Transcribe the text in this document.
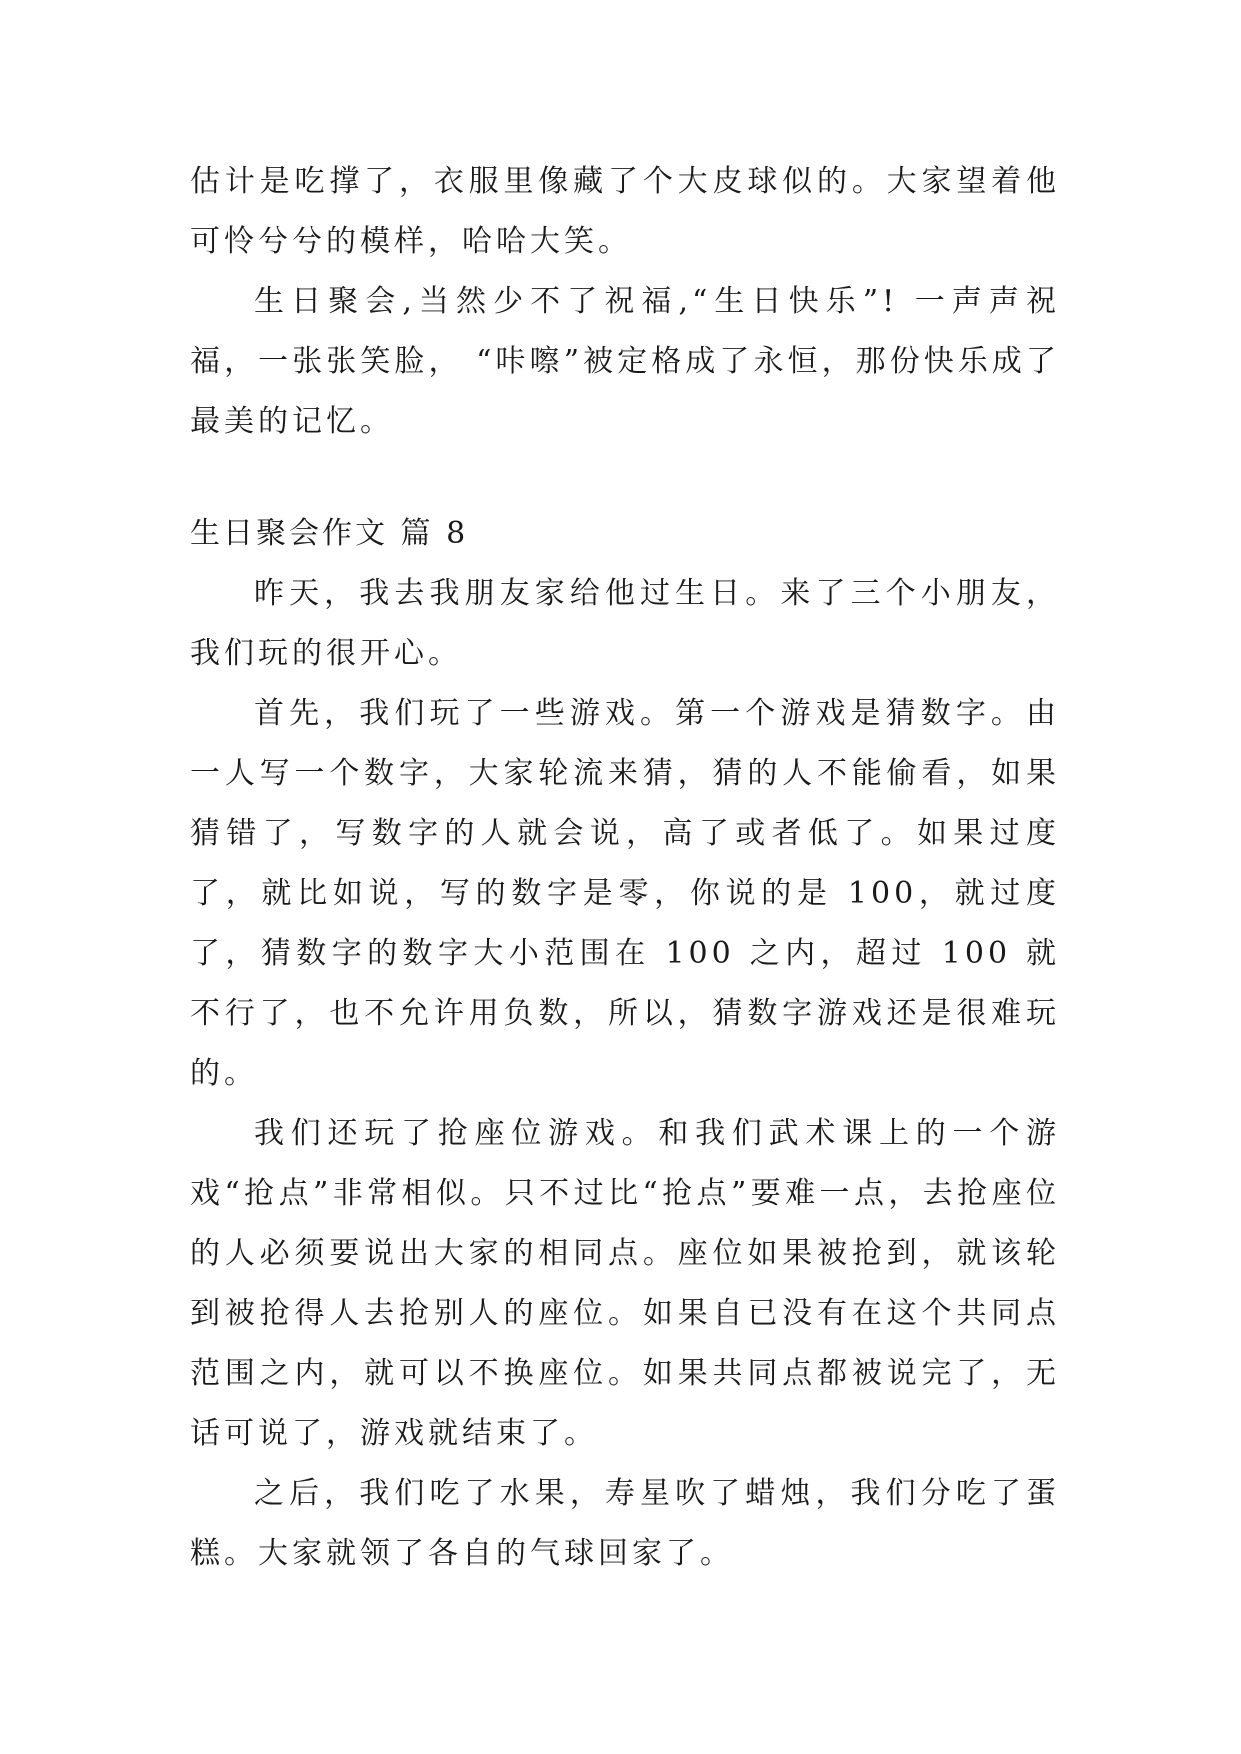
估计是吃撑了，衣服里像藏了个大皮球似的。大家望着他可怜兮兮的模样，哈哈大笑。

生日聚会,当然少不了祝福,“生日快乐”! 一声声祝福，一张张笑脸， “咔嚓”被定格成了永恒，那份快乐成了最美的记忆。

生日聚会作文 篇 8

昨天，我去我朋友家给他过生日。来了三个小朋友，我们玩的很开心。

首先，我们玩了一些游戏。第一个游戏是猜数字。由一人写一个数字，大家轮流来猜，猜的人不能偷看，如果猜错了，写数字的人就会说，高了或者低了。如果过度了，就比如说，写的数字是零，你说的是 100，就过度了，猜数字的数字大小范围在 100 之内，超过 100 就不行了，也不允许用负数，所以，猜数字游戏还是很难玩的。

我们还玩了抢座位游戏。和我们武术课上的一个游戏“抢点”非常相似。只不过比“抢点”要难一点，去抢座位的人必须要说出大家的相同点。座位如果被抢到，就该轮到被抢得人去抢别人的座位。如果自已没有在这个共同点范围之内，就可以不换座位。如果共同点都被说完了，无话可说了，游戏就结束了。

之后，我们吃了水果，寿星吹了蜡烛，我们分吃了蛋糕。大家就领了各自的气球回家了。
